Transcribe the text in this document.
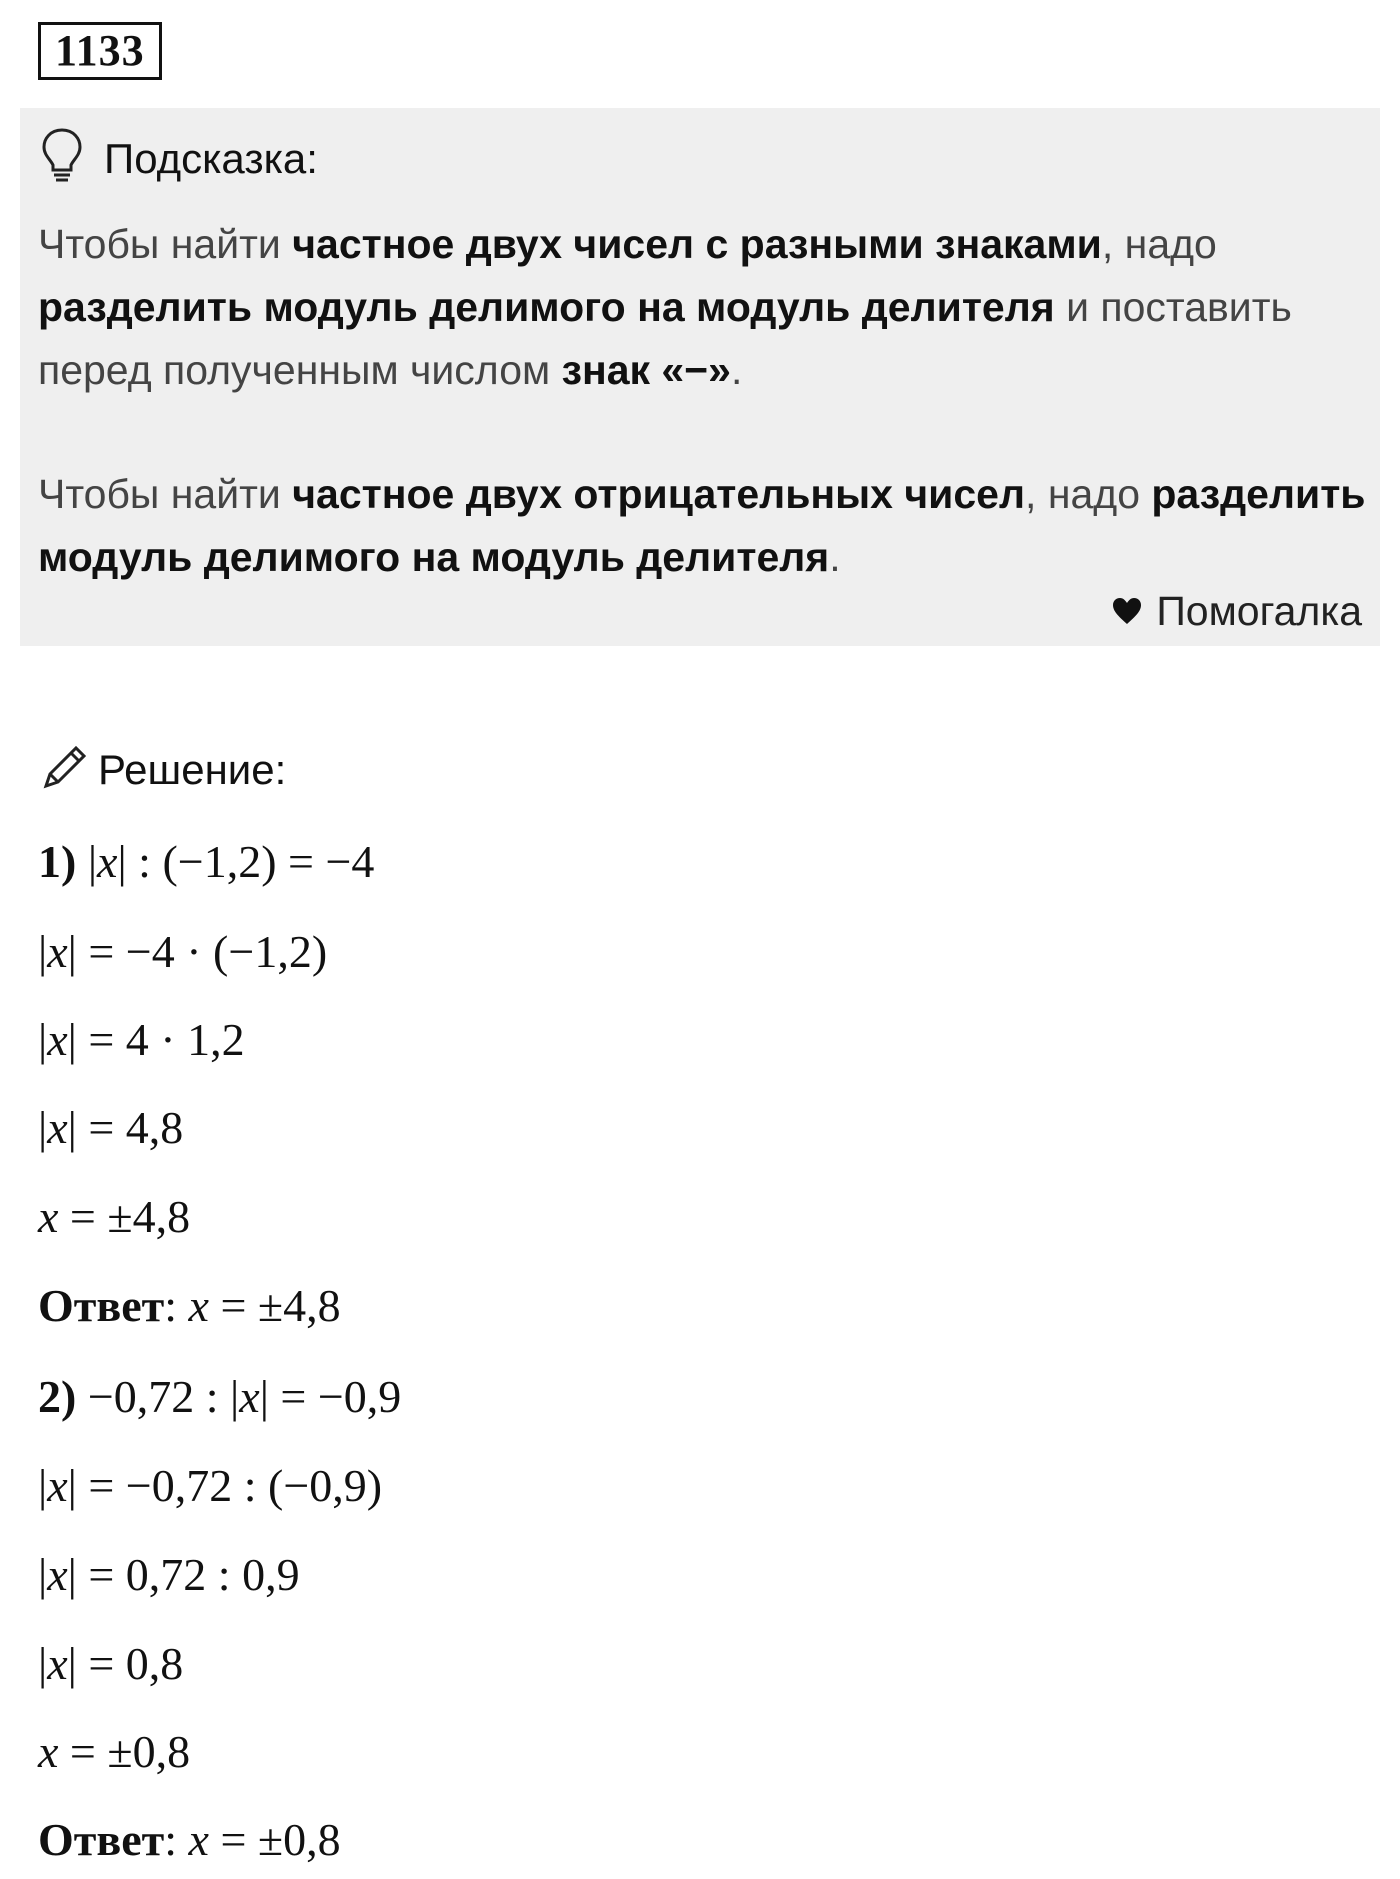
1133
Подсказка:
Чтобы найти частное двух чисел с разными знаками, надо разделить модуль делимого на модуль делителя и поставить перед полученным числом знак «−».
Чтобы найти частное двух отрицательных чисел, надо разделить модуль делимого на модуль делителя.
Помогалка
Решение:
1) |x| : (−1,2) = −4
|x| = −4 · (−1,2)
|x| = 4 · 1,2
|x| = 4,8
x = ±4,8
Ответ: x = ±4,8
2) −0,72 : |x| = −0,9
|x| = −0,72 : (−0,9)
|x| = 0,72 : 0,9
|x| = 0,8
x = ±0,8
Ответ: x = ±0,8
